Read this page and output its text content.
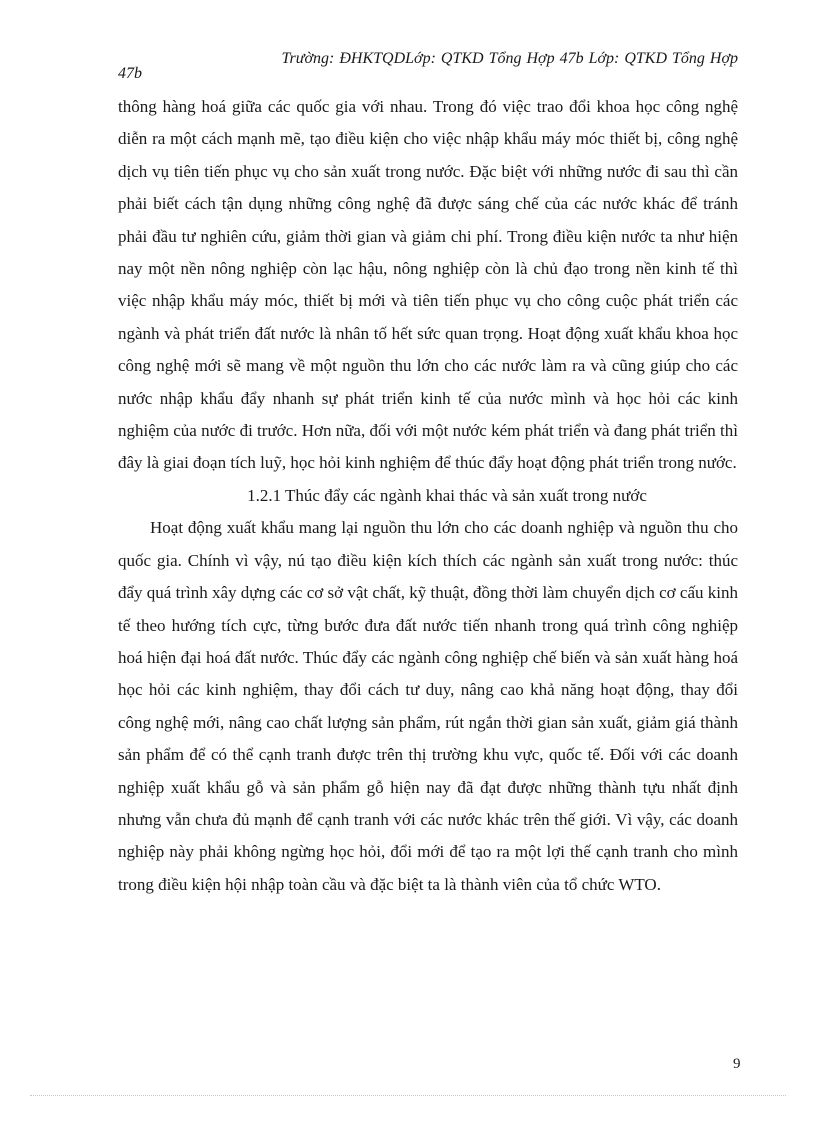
Trường: ĐHKTQDLớp: QTKD Tổng Hợp 47b Lớp: QTKD Tổng Hợp
47b

thông hàng hoá giữa các quốc gia với nhau. Trong đó việc trao đổi khoa học công nghệ diễn ra một cách mạnh mẽ, tạo điều kiện cho việc nhập khẩu máy móc thiết bị, công nghệ dịch vụ tiên tiến phục vụ cho sản xuất trong nước. Đặc biệt với những nước đi sau thì cần phải biết cách tận dụng những công nghệ đã được sáng chế của các nước khác để tránh phải đầu tư nghiên cứu, giảm thời gian và giảm chi phí. Trong điều kiện nước ta như hiện nay một nền nông nghiệp còn lạc hậu, nông nghiệp còn là chủ đạo trong nền kinh tế thì việc nhập khẩu máy móc, thiết bị mới và tiên tiến phục vụ cho công cuộc phát triển các ngành và phát triển đất nước là nhân tố hết sức quan trọng. Hoạt động xuất khẩu khoa học công nghệ mới sẽ mang về một nguồn thu lớn cho các nước làm ra và cũng giúp cho các nước nhập khẩu đẩy nhanh sự phát triển kinh tế của nước mình và học hỏi các kinh nghiệm của nước đi trước. Hơn nữa, đối với một nước kém phát triển và đang phát triển thì đây là giai đoạn tích luỹ, học hỏi kinh nghiệm để thúc đẩy hoạt động phát triển trong nước.

1.2.1 Thúc đẩy các ngành khai thác và sản xuất trong nước

Hoạt động xuất khẩu mang lại nguồn thu lớn cho các doanh nghiệp và nguồn thu cho quốc gia. Chính vì vậy, nú tạo điều kiện kích thích các ngành sản xuất trong nước: thúc đẩy quá trình xây dựng các cơ sở vật chất, kỹ thuật, đồng thời làm chuyển dịch cơ cấu kinh tế theo hướng tích cực, từng bước đưa đất nước tiến nhanh trong quá trình công nghiệp hoá hiện đại hoá đất nước. Thúc đẩy các ngành công nghiệp chế biến và sản xuất hàng hoá học hỏi các kinh nghiệm, thay đổi cách tư duy, nâng cao khả năng hoạt động, thay đổi công nghệ mới, nâng cao chất lượng sản phẩm, rút ngắn thời gian sản xuất, giảm giá thành sản phẩm để có thể cạnh tranh được trên thị trường khu vực, quốc tế. Đối với các doanh nghiệp xuất khẩu gỗ và sản phẩm gỗ hiện nay đã đạt được những thành tựu nhất định nhưng vẫn chưa đủ mạnh để cạnh tranh với các nước khác trên thế giới. Vì vậy, các doanh nghiệp này phải không ngừng học hỏi, đổi mới để tạo ra một lợi thế cạnh tranh cho mình trong điều kiện hội nhập toàn cầu và đặc biệt ta là thành viên của tổ chức WTO.

9
